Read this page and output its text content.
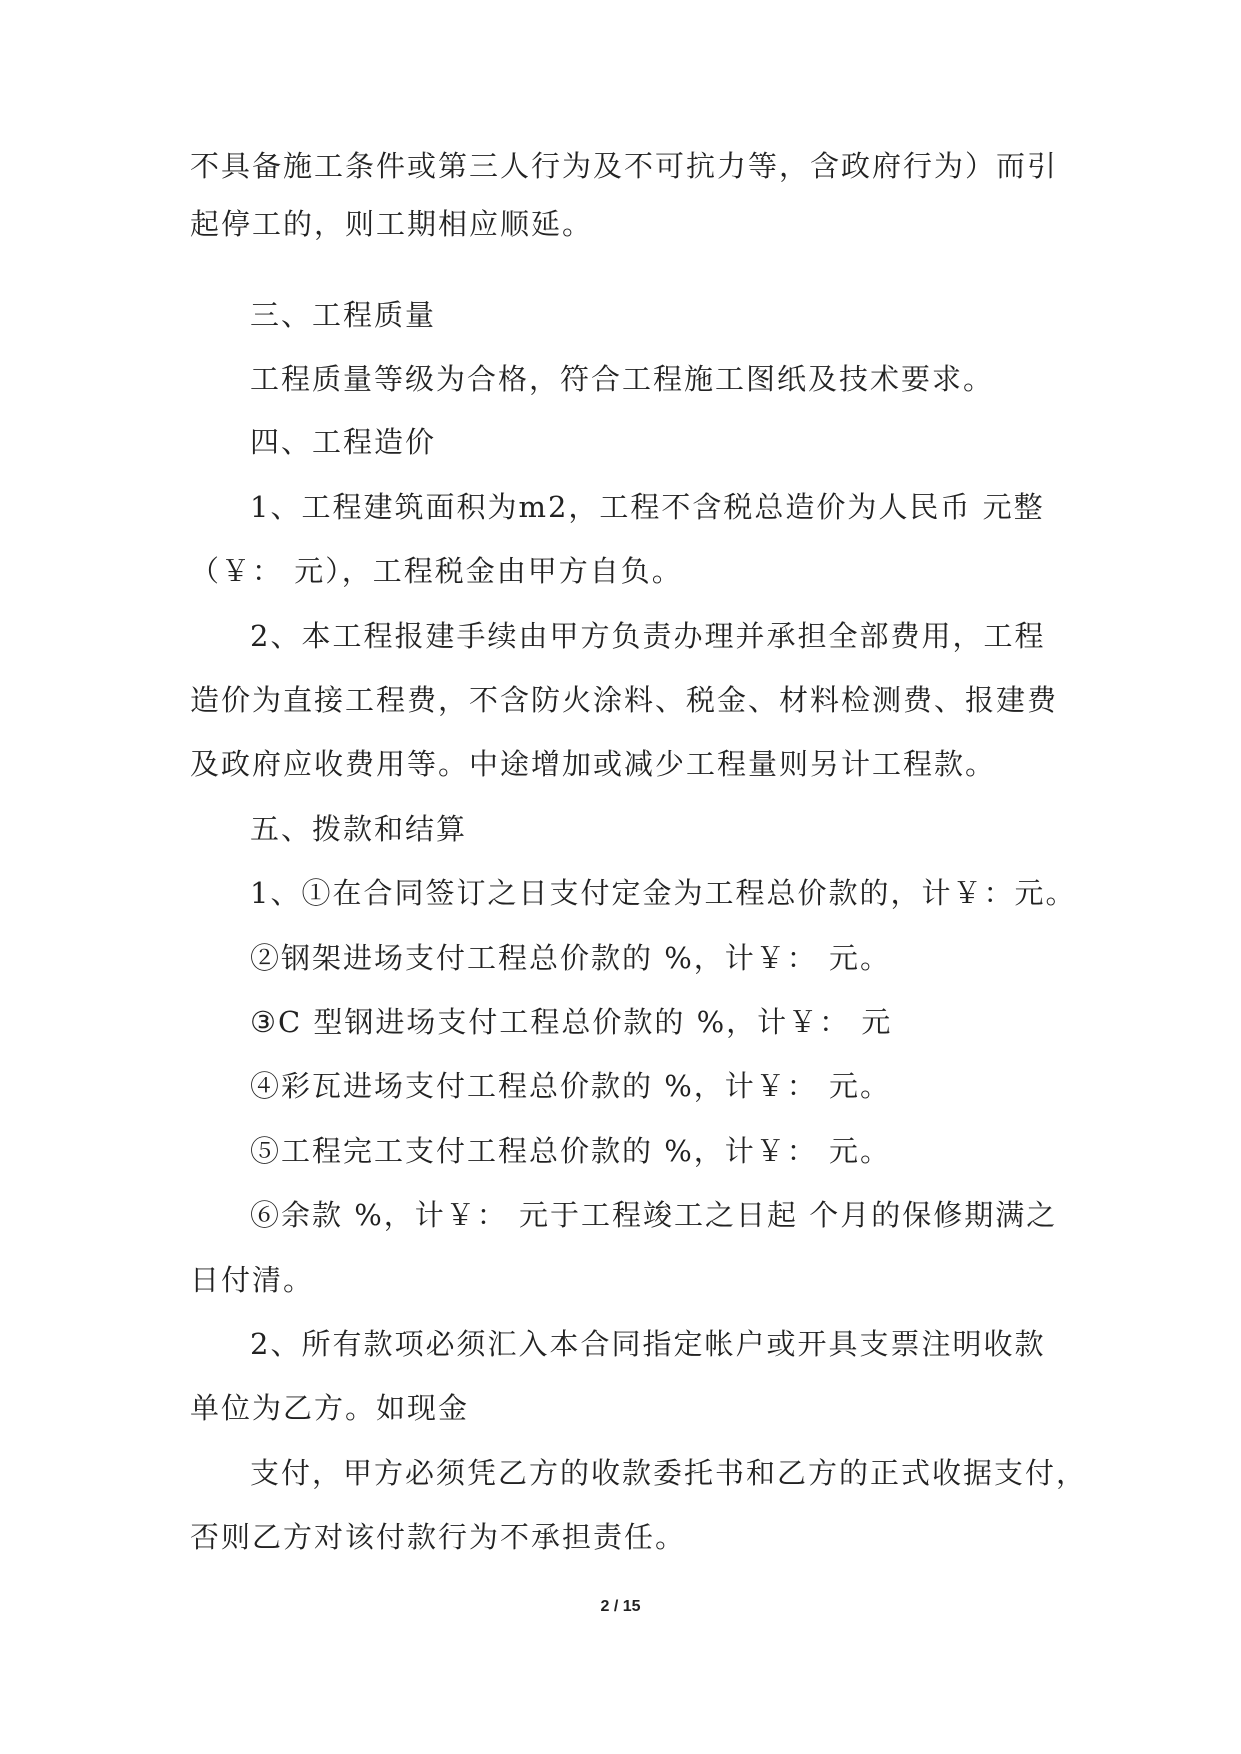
不具备施工条件或第三人行为及不可抗力等，含政府行为）而引
起停工的，则工期相应顺延。
三、工程质量
工程质量等级为合格，符合工程施工图纸及技术要求。
四、工程造价
1、工程建筑面积为m2，工程不含税总造价为人民币 元整
（￥： 元），工程税金由甲方自负。
2、本工程报建手续由甲方负责办理并承担全部费用，工程
造价为直接工程费，不含防火涂料、税金、材料检测费、报建费
及政府应收费用等。中途增加或减少工程量则另计工程款。
五、拨款和结算
1、①在合同签订之日支付定金为工程总价款的，计￥：元。
②钢架进场支付工程总价款的 %，计￥： 元。
③C 型钢进场支付工程总价款的 %，计￥： 元
④彩瓦进场支付工程总价款的 %，计￥： 元。
⑤工程完工支付工程总价款的 %，计￥： 元。
⑥余款 %，计￥： 元于工程竣工之日起 个月的保修期满之
日付清。
2、所有款项必须汇入本合同指定帐户或开具支票注明收款
单位为乙方。如现金
支付，甲方必须凭乙方的收款委托书和乙方的正式收据支付，
否则乙方对该付款行为不承担责任。
2 / 15
